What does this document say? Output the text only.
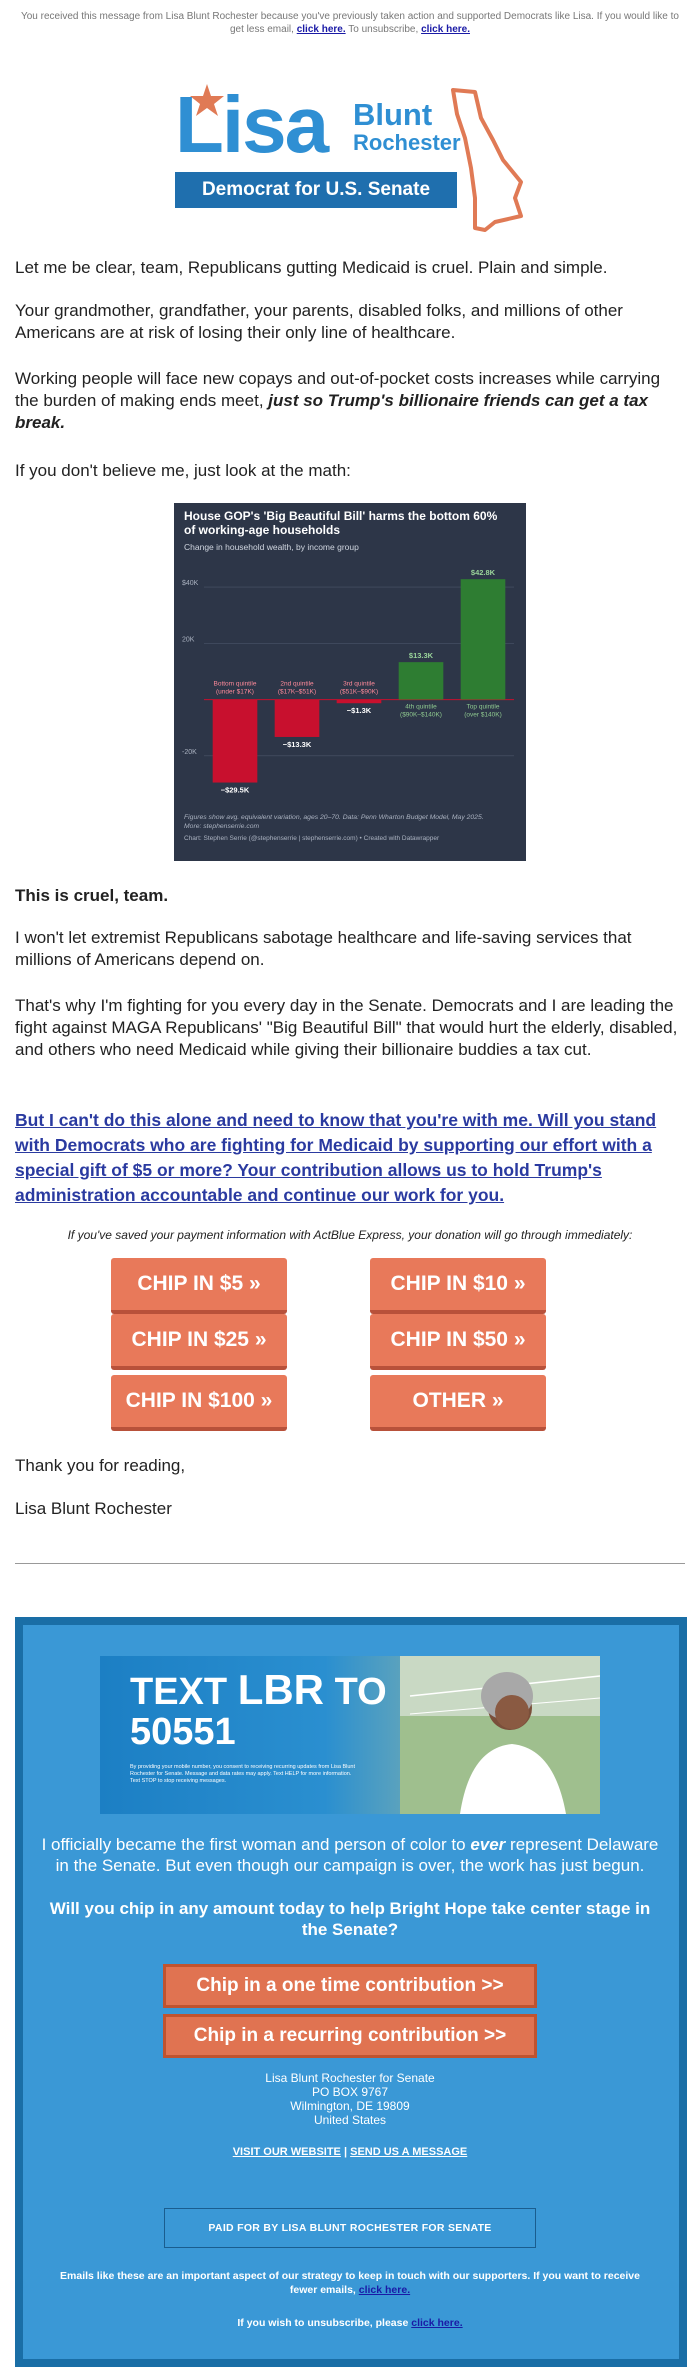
You received this message from Lisa Blunt Rochester because you've previously taken action and supported Democrats like Lisa. If you would like to get less email, click here. To unsubscribe, click here.
Lisa Blunt
Rochester
Democrat for U.S. Senate

Let me be clear, team, Republicans gutting Medicaid is cruel. Plain and simple.

Your grandmother, grandfather, your parents, disabled folks, and millions of other Americans are at risk of losing their only line of healthcare.

Working people will face new copays and out-of-pocket costs increases while carrying the burden of making ends meet, just so Trump's billionaire friends can get a tax break.

If you don't believe me, just look at the math:

House GOP's 'Big Beautiful Bill' harms the bottom 60% of working-age households
Change in household wealth, by income group
$40K
20K
-20K
Bottom quintile (under $17K)
−$29.5K
2nd quintile ($17K–$51K)
−$13.3K
3rd quintile ($51K–$90K)
−$1.3K	4th quintile ($90K–$140K)
$13.3K
Top quintile (over $140K)
$42.8K
Figures show avg. equivalent variation, ages 20–70. Data: Penn Wharton Budget Model, May 2025.
More: stephenserrie.com
Chart: Stephen Serrie (@stephenserrie | stephenserrie.com) • Created with Datawrapper

This is cruel, team.

I won't let extremist Republicans sabotage healthcare and life-saving services that millions of Americans depend on.

That's why I'm fighting for you every day in the Senate. Democrats and I are leading the fight against MAGA Republicans' "Big Beautiful Bill" that would hurt the elderly, disabled, and others who need Medicaid while giving their billionaire buddies a tax cut.

But I can't do this alone and need to know that you're with me. Will you stand with Democrats who are fighting for Medicaid by supporting our effort with a special gift of $5 or more? Your contribution allows us to hold Trump's administration accountable and continue our work for you.
If you've saved your payment information with ActBlue Express, your donation will go through immediately:
CHIP IN $5 »	CHIP IN $10 »
CHIP IN $25 »	CHIP IN $50 »
CHIP IN $100 »	OTHER »

Thank you for reading,

Lisa Blunt Rochester

TEXT LBR TO
50551
By providing your mobile number, you consent to receiving recurring updates from Lisa Blunt Rochester for Senate. Message and data rates may apply. Text HELP for more information. Text STOP to stop receiving messages.
I officially became the first woman and person of color to ever represent Delaware in the Senate. But even though our campaign is over, the work has just begun.
Will you chip in any amount today to help Bright Hope take center stage in the Senate?
Chip in a one time contribution >>
Chip in a recurring contribution >>
Lisa Blunt Rochester for Senate
PO BOX 9767
Wilmington, DE 19809
United States
VISIT OUR WEBSITE | SEND US A MESSAGE
PAID FOR BY LISA BLUNT ROCHESTER FOR SENATE
Emails like these are an important aspect of our strategy to keep in touch with our supporters. If you want to receive fewer emails, click here.
If you wish to unsubscribe, please click here.
